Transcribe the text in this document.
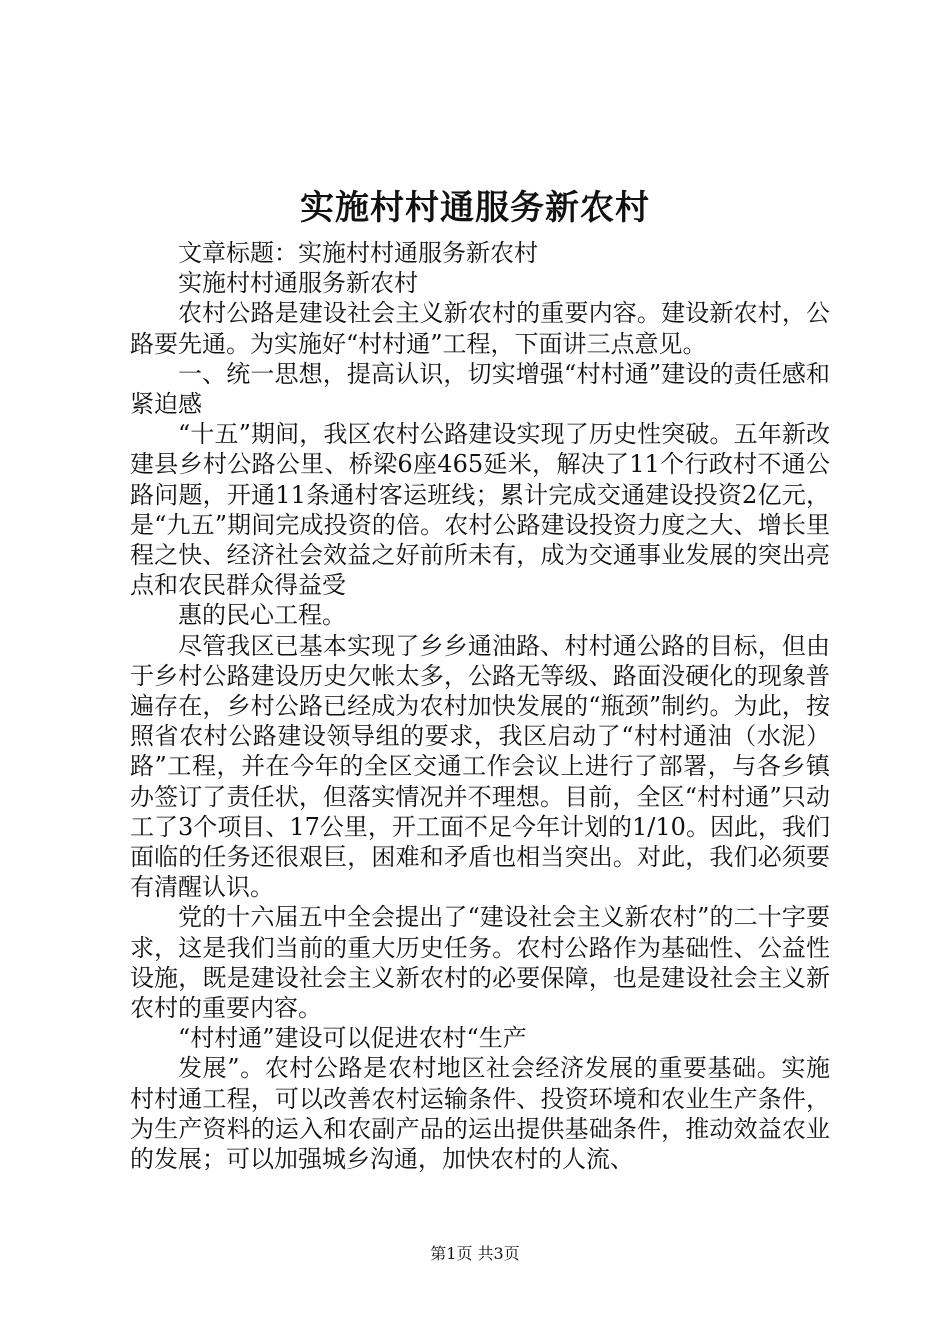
实施村村通服务新农村

文章标题：实施村村通服务新农村

实施村村通服务新农村

农村公路是建设社会主义新农村的重要内容。建设新农村，公路要先通。为实施好“村村通”工程，下面讲三点意见。

一、统一思想，提高认识，切实增强“村村通”建设的责任感和紧迫感

“十五”期间，我区农村公路建设实现了历史性突破。五年新改建县乡村公路公里、桥梁6座465延米，解决了11个行政村不通公路问题，开通11条通村客运班线；累计完成交通建设投资2亿元，是“九五”期间完成投资的倍。农村公路建设投资力度之大、增长里程之快、经济社会效益之好前所未有，成为交通事业发展的突出亮点和农民群众得益受

惠的民心工程。

尽管我区已基本实现了乡乡通油路、村村通公路的目标，但由于乡村公路建设历史欠帐太多，公路无等级、路面没硬化的现象普遍存在，乡村公路已经成为农村加快发展的“瓶颈”制约。为此，按照省农村公路建设领导组的要求，我区启动了“村村通油（水泥）路”工程，并在今年的全区交通工作会议上进行了部署，与各乡镇办签订了责任状，但落实情况并不理想。目前，全区“村村通”只动工了3个项目、17公里，开工面不足今年计划的1/10。因此，我们面临的任务还很艰巨，困难和矛盾也相当突出。对此，我们必须要有清醒认识。

党的十六届五中全会提出了“建设社会主义新农村”的二十字要求，这是我们当前的重大历史任务。农村公路作为基础性、公益性设施，既是建设社会主义新农村的必要保障，也是建设社会主义新农村的重要内容。

“村村通”建设可以促进农村“生产

发展”。农村公路是农村地区社会经济发展的重要基础。实施村村通工程，可以改善农村运输条件、投资环境和农业生产条件，为生产资料的运入和农副产品的运出提供基础条件，推动效益农业的发展；可以加强城乡沟通，加快农村的人流、

第1页 共3页
